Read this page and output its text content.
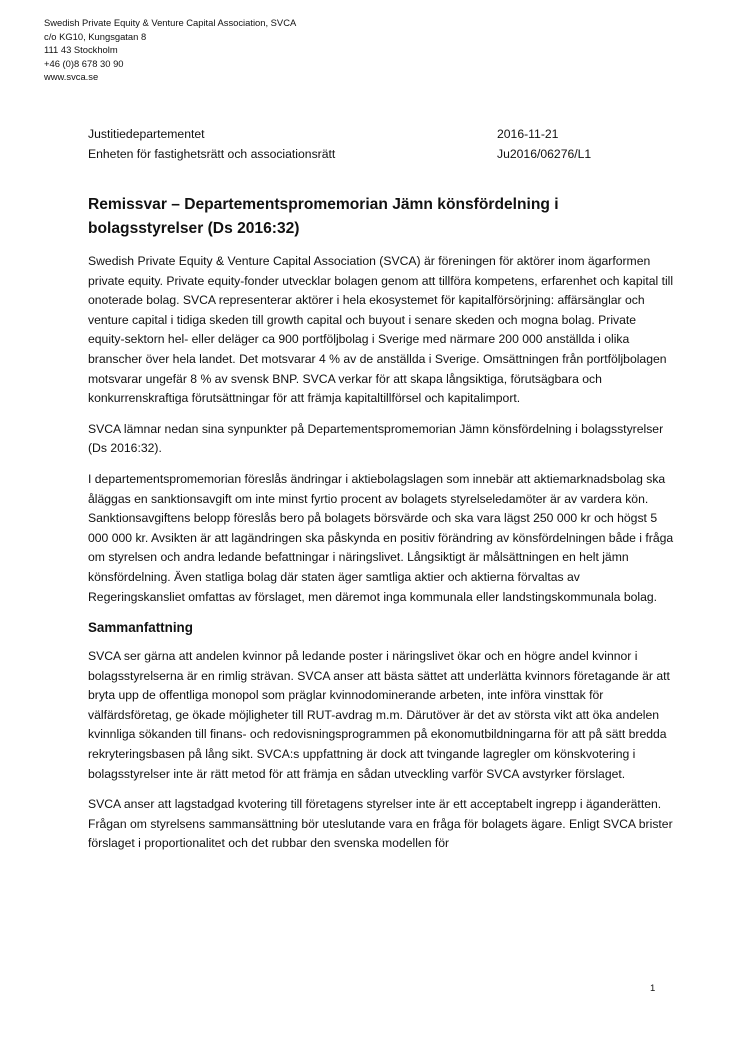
Swedish Private Equity & Venture Capital Association, SVCA
c/o KG10, Kungsgatan 8
111 43 Stockholm
+46 (0)8 678 30 90
www.svca.se
Justitiedepartementet
Enheten för fastighetsrätt och associationsrätt
2016-11-21
Ju2016/06276/L1
Remissvar – Departementspromemorian Jämn könsfördelning i bolagsstyrelser (Ds 2016:32)

Swedish Private Equity & Venture Capital Association (SVCA) är föreningen för aktörer inom ägarformen private equity. Private equity-fonder utvecklar bolagen genom att tillföra kompetens, erfarenhet och kapital till onoterade bolag. SVCA representerar aktörer i hela ekosystemet för kapitalförsörjning: affärsänglar och venture capital i tidiga skeden till growth capital och buyout i senare skeden och mogna bolag. Private equity-sektorn hel- eller deläger ca 900 portföljbolag i Sverige med närmare 200 000 anställda i olika branscher över hela landet. Det motsvarar 4 % av de anställda i Sverige. Omsättningen från portföljbolagen motsvarar ungefär 8 % av svensk BNP. SVCA verkar för att skapa långsiktiga, förutsägbara och konkurrenskraftiga förutsättningar för att främja kapitaltillförsel och kapitalimport.

SVCA lämnar nedan sina synpunkter på Departementspromemorian Jämn könsfördelning i bolagsstyrelser (Ds 2016:32).

I departementspromemorian föreslås ändringar i aktiebolagslagen som innebär att aktiemarknadsbolag ska åläggas en sanktionsavgift om inte minst fyrtio procent av bolagets styrelseledamöter är av vardera kön. Sanktionsavgiftens belopp föreslås bero på bolagets börsvärde och ska vara lägst 250 000 kr och högst 5 000 000 kr. Avsikten är att lagändringen ska påskynda en positiv förändring av könsfördelningen både i fråga om styrelsen och andra ledande befattningar i näringslivet. Långsiktigt är målsättningen en helt jämn könsfördelning. Även statliga bolag där staten äger samtliga aktier och aktierna förvaltas av Regeringskansliet omfattas av förslaget, men däremot inga kommunala eller landstingskommunala bolag.

Sammanfattning

SVCA ser gärna att andelen kvinnor på ledande poster i näringslivet ökar och en högre andel kvinnor i bolagsstyrelserna är en rimlig strävan. SVCA anser att bästa sättet att underlätta kvinnors företagande är att bryta upp de offentliga monopol som präglar kvinnodominerande arbeten, inte införa vinsttak för välfärdsföretag, ge ökade möjligheter till RUT-avdrag m.m. Därutöver är det av största vikt att öka andelen kvinnliga sökanden till finans- och redovisningsprogrammen på ekonomutbildningarna för att på sätt bredda rekryteringsbasen på lång sikt. SVCA:s uppfattning är dock att tvingande lagregler om könskvotering i bolagsstyrelser inte är rätt metod för att främja en sådan utveckling varför SVCA avstyrker förslaget.

SVCA anser att lagstadgad kvotering till företagens styrelser inte är ett acceptabelt ingrepp i äganderätten. Frågan om styrelsens sammansättning bör uteslutande vara en fråga för bolagets ägare. Enligt SVCA brister förslaget i proportionalitet och det rubbar den svenska modellen för

1
